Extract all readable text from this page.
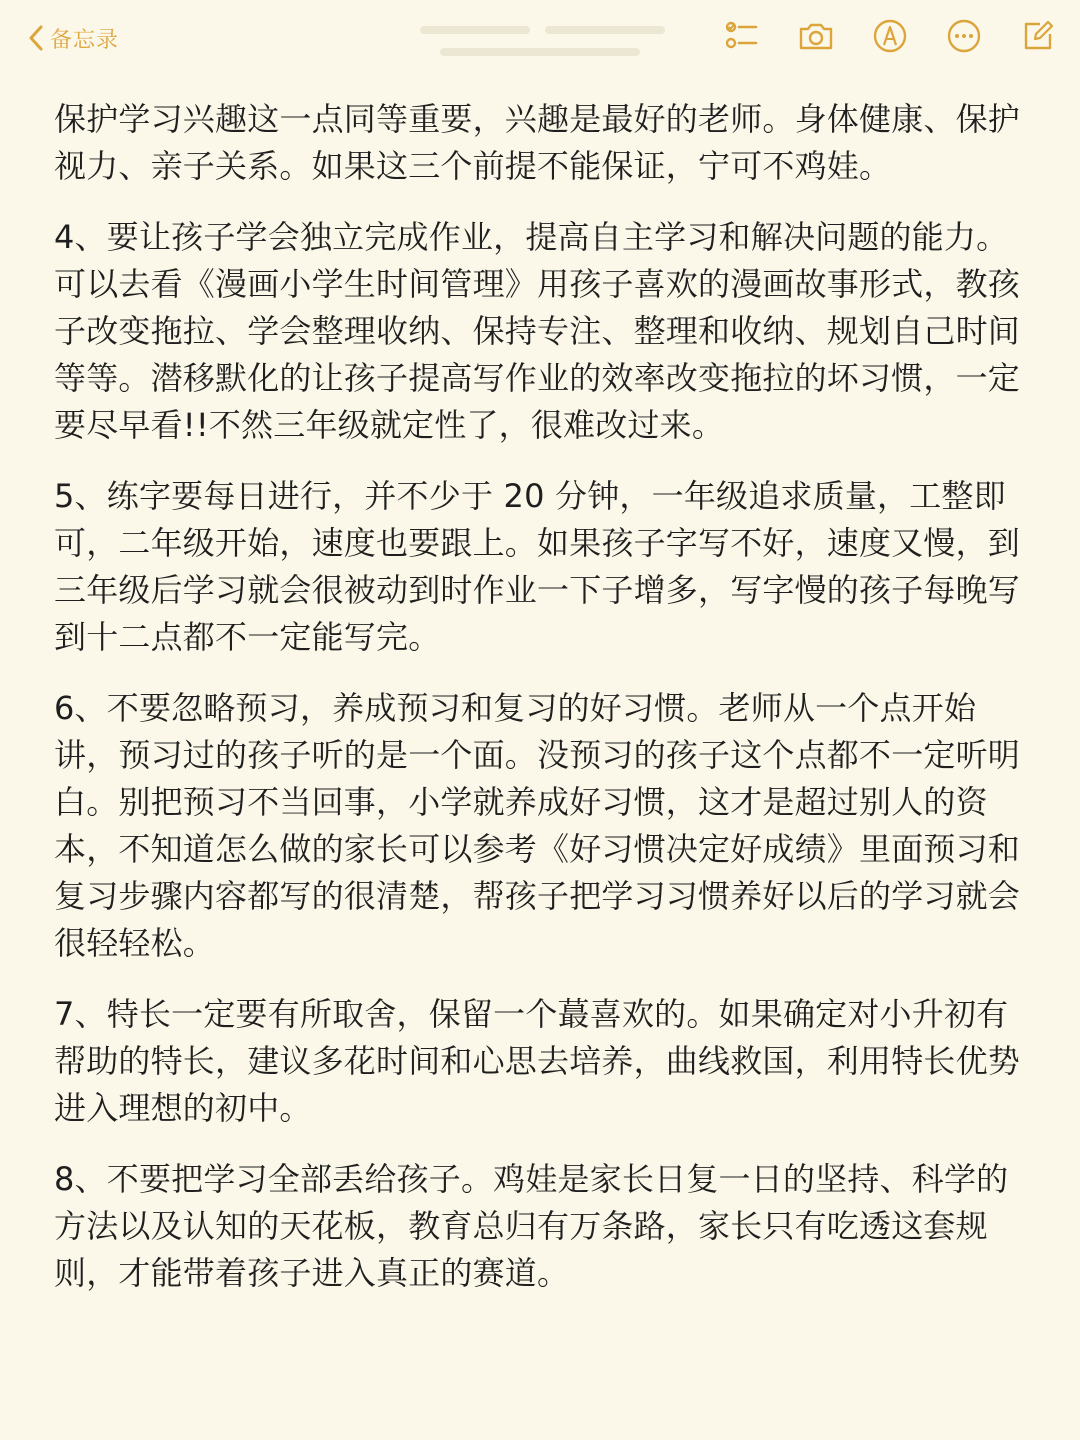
备忘录

保护学习兴趣这一点同等重要，兴趣是最好的老师。身体健康、保护视力、亲子关系。如果这三个前提不能保证，宁可不鸡娃。

4、要让孩子学会独立完成作业，提高自主学习和解决问题的能力。可以去看《漫画小学生时间管理》用孩子喜欢的漫画故事形式，教孩子改变拖拉、学会整理收纳、保持专注、整理和收纳、规划自己时间等等。潜移默化的让孩子提高写作业的效率改变拖拉的坏习惯，一定要尽早看!!不然三年级就定性了，很难改过来。

5、练字要每日进行，并不少于 20 分钟，一年级追求质量，工整即可，二年级开始，速度也要跟上。如果孩子字写不好，速度又慢，到三年级后学习就会很被动到时作业一下子增多，写字慢的孩子每晚写到十二点都不一定能写完。

6、不要忽略预习，养成预习和复习的好习惯。老师从一个点开始讲，预习过的孩子听的是一个面。没预习的孩子这个点都不一定听明白。别把预习不当回事，小学就养成好习惯，这才是超过别人的资本，不知道怎么做的家长可以参考《好习惯决定好成绩》里面预习和复习步骤内容都写的很清楚，帮孩子把学习习惯养好以后的学习就会很轻轻松。

7、特长一定要有所取舍，保留一个蕞喜欢的。如果确定对小升初有帮助的特长，建议多花时间和心思去培养，曲线救国，利用特长优势进入理想的初中。

8、不要把学习全部丢给孩子。鸡娃是家长日复一日的坚持、科学的方法以及认知的天花板，教育总归有万条路，家长只有吃透这套规则，才能带着孩子进入真正的赛道。
